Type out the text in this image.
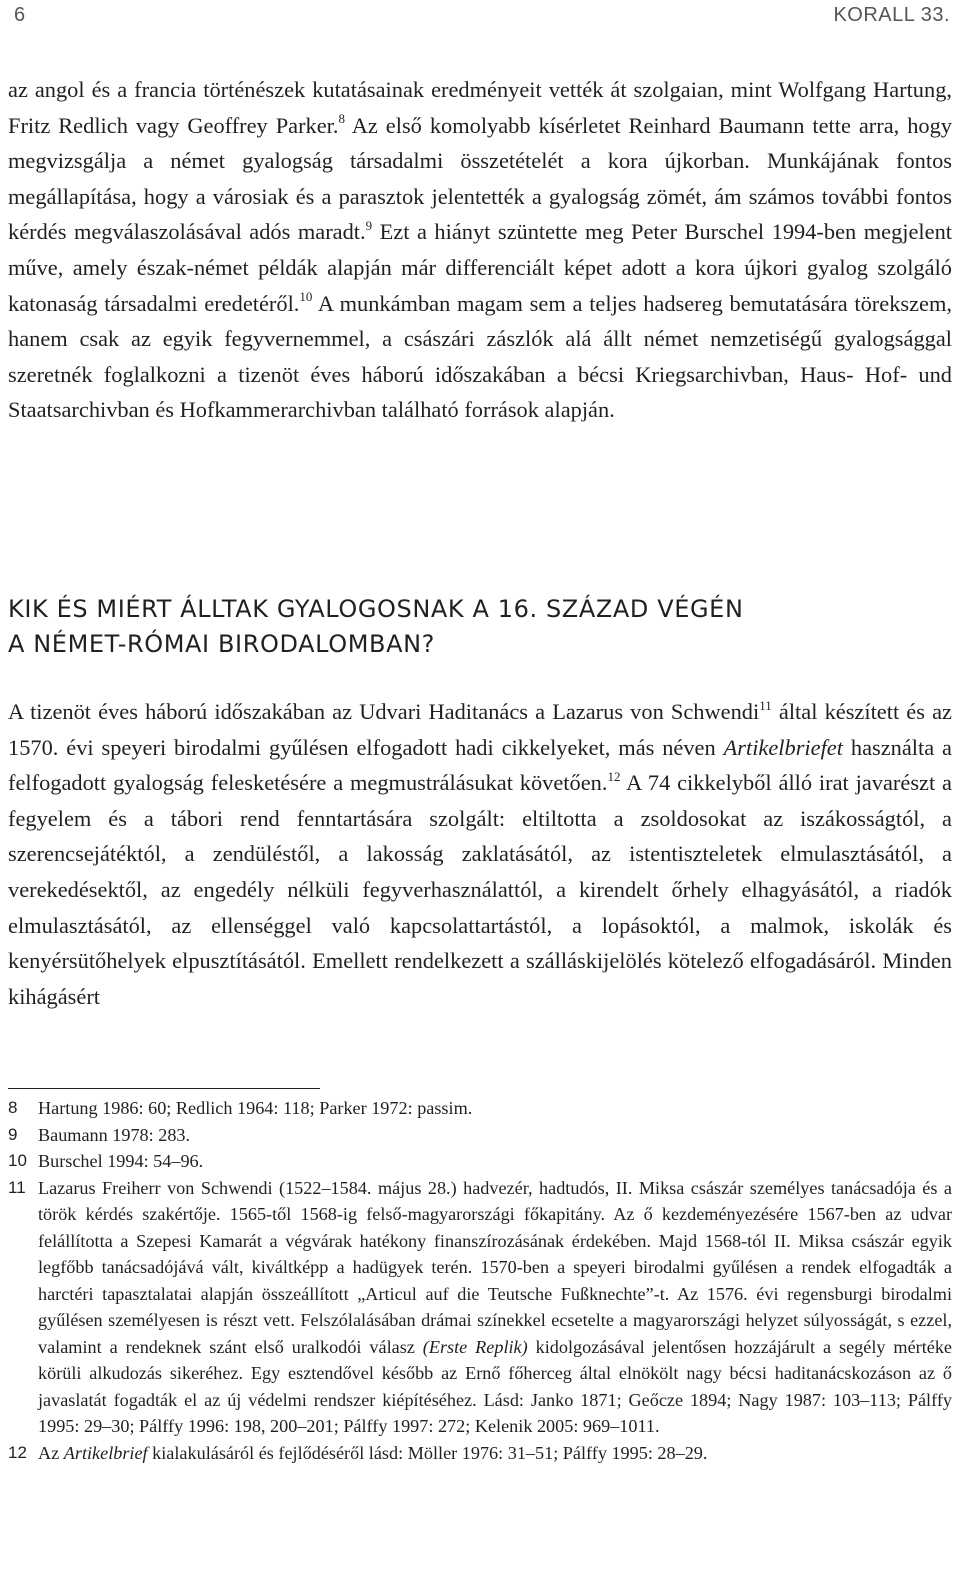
6	KORALL 33.

az angol és a francia történészek kutatásainak eredményeit vették át szolgaian, mint Wolfgang Hartung, Fritz Redlich vagy Geoffrey Parker.$^8$ Az első komolyabb kísérletet Reinhard Baumann tette arra, hogy megvizsgálja a német gyalogság társadalmi összetételét a kora újkorban. Munkájának fontos megállapítása, hogy a városiak és a parasztok jelentették a gyalogság zömét, ám számos további fontos kérdés megválaszolásával adós maradt.$^9$ Ezt a hiányt szüntette meg Peter Burschel 1994-ben megjelent műve, amely észak-német példák alapján már differenciált képet adott a kora újkori gyalog szolgáló katonaság társadalmi eredetéről.$^{10}$ A munkámban magam sem a teljes hadsereg bemutatására törekszem, hanem csak az egyik fegyvernemmel, a császári zászlók alá állt német nemzetiségű gyalogsággal szeretnék foglalkozni a tizenöt éves háború időszakában a bécsi Kriegsarchivban, Haus- Hof- und Staatsarchivban és Hofkammerarchivban található források alapján.

KIK ÉS MIÉRT ÁLLTAK GYALOGOSNAK A 16. SZÁZAD VÉGÉN
A NÉMET-RÓMAI BIRODALOMBAN?

A tizenöt éves háború időszakában az Udvari Haditanács a Lazarus von Schwendi$^{11}$ által készített és az 1570. évi speyeri birodalmi gyűlésen elfogadott hadi cikkelyeket, más néven Artikelbriefet használta a felfogadott gyalogság felesketésére a megmustrálásukat követően.$^{12}$ A 74 cikkelyből álló irat javarészt a fegyelem és a tábori rend fenntartására szolgált: eltiltotta a zsoldosokat az iszákosságtól, a szerencsejátéktól, a zendüléstől, a lakosság zaklatásától, az istentiszteletek elmulasztásától, a verekedésektől, az engedély nélküli fegyverhasználattól, a kirendelt őrhely elhagyásától, a riadók elmulasztásától, az ellenséggel való kapcsolattartástól, a lopásoktól, a malmok, iskolák és kenyérsütőhelyek elpusztításától. Emellett rendelkezett a szálláskijelölés kötelező elfogadásáról. Minden kihágásért

8 Hartung 1986: 60; Redlich 1964: 118; Parker 1972: passim.
9 Baumann 1978: 283.
10 Burschel 1994: 54–96.
11 Lazarus Freiherr von Schwendi (1522–1584. május 28.) hadvezér, hadtudós, II. Miksa császár személyes tanácsadója és a török kérdés szakértője. 1565-től 1568-ig felső-magyarországi főkapitány. Az ő kezdeményezésére 1567-ben az udvar felállította a Szepesi Kamarát a végvárak hatékony finanszírozásának érdekében. Majd 1568-tól II. Miksa császár egyik legfőbb tanácsadójává vált, kiváltképp a hadügyek terén. 1570-ben a speyeri birodalmi gyűlésen a rendek elfogadták a harctéri tapasztalatai alapján összeállított „Articul auf die Teutsche Fußknechte”-t. Az 1576. évi regensburgi birodalmi gyűlésen személyesen is részt vett. Felszólalásában drámai színekkel ecsetelte a magyarországi helyzet súlyosságát, s ezzel, valamint a rendeknek szánt első uralkodói válasz (Erste Replik) kidolgozásával jelentősen hozzájárult a segély mértéke körüli alkudozás sikeréhez. Egy esztendővel később az Ernő főherceg által elnökölt nagy bécsi haditanácskozáson az ő javaslatát fogadták el az új védelmi rendszer kiépítéséhez. Lásd: Janko 1871; Geőcze 1894; Nagy 1987: 103–113; Pálffy 1995: 29–30; Pálffy 1996: 198, 200–201; Pálffy 1997: 272; Kelenik 2005: 969–1011.
12 Az Artikelbrief kialakulásáról és fejlődéséről lásd: Möller 1976: 31–51; Pálffy 1995: 28–29.
